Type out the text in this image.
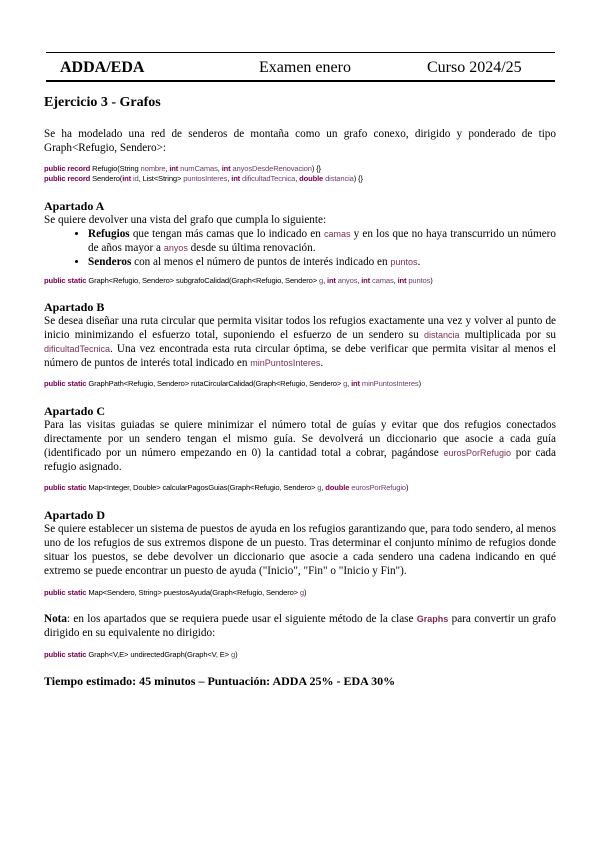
ADDA/EDA	Examen enero	Curso 2024/25
Ejercicio 3 - Grafos

Se ha modelado una red de senderos de montaña como un grafo conexo, dirigido y ponderado de tipo Graph<Refugio, Sendero>:

public record Refugio(String nombre, int numCamas, int anyosDesdeRenovacion) {}
public record Sendero(int id, List<String> puntosInteres, int dificultadTecnica, double distancia) {}
Apartado A

Se quiere devolver una vista del grafo que cumpla lo siguiente:

• Refugios que tengan más camas que lo indicado en camas y en los que no haya transcurrido un número de años mayor a anyos desde su última renovación.
• Senderos con al menos el número de puntos de interés indicado en puntos.
public static Graph<Refugio, Sendero> subgrafoCalidad(Graph<Refugio, Sendero> g, int anyos, int camas, int puntos)
Apartado B

Se desea diseñar una ruta circular que permita visitar todos los refugios exactamente una vez y volver al punto de inicio minimizando el esfuerzo total, suponiendo el esfuerzo de un sendero su distancia multiplicada por su dificultadTecnica. Una vez encontrada esta ruta circular óptima, se debe verificar que permita visitar al menos el número de puntos de interés total indicado en minPuntosInteres.

public static GraphPath<Refugio, Sendero> rutaCircularCalidad(Graph<Refugio, Sendero> g, int minPuntosInteres)
Apartado C

Para las visitas guiadas se quiere minimizar el número total de guías y evitar que dos refugios conectados directamente por un sendero tengan el mismo guía. Se devolverá un diccionario que asocie a cada guía (identificado por un número empezando en 0) la cantidad total a cobrar, pagándose eurosPorRefugio por cada refugio asignado.

public static Map<Integer, Double> calcularPagosGuias(Graph<Refugio, Sendero> g, double eurosPorRefugio)
Apartado D

Se quiere establecer un sistema de puestos de ayuda en los refugios garantizando que, para todo sendero, al menos uno de los refugios de sus extremos dispone de un puesto. Tras determinar el conjunto mínimo de refugios donde situar los puestos, se debe devolver un diccionario que asocie a cada sendero una cadena indicando en qué extremo se puede encontrar un puesto de ayuda ("Inicio", "Fin" o "Inicio y Fin").

public static Map<Sendero, String> puestosAyuda(Graph<Refugio, Sendero> g)

Nota: en los apartados que se requiera puede usar el siguiente método de la clase Graphs para convertir un grafo dirigido en su equivalente no dirigido:

public static Graph<V,E> undirectedGraph(Graph<V, E> g)
Tiempo estimado: 45 minutos – Puntuación: ADDA 25% - EDA 30%
